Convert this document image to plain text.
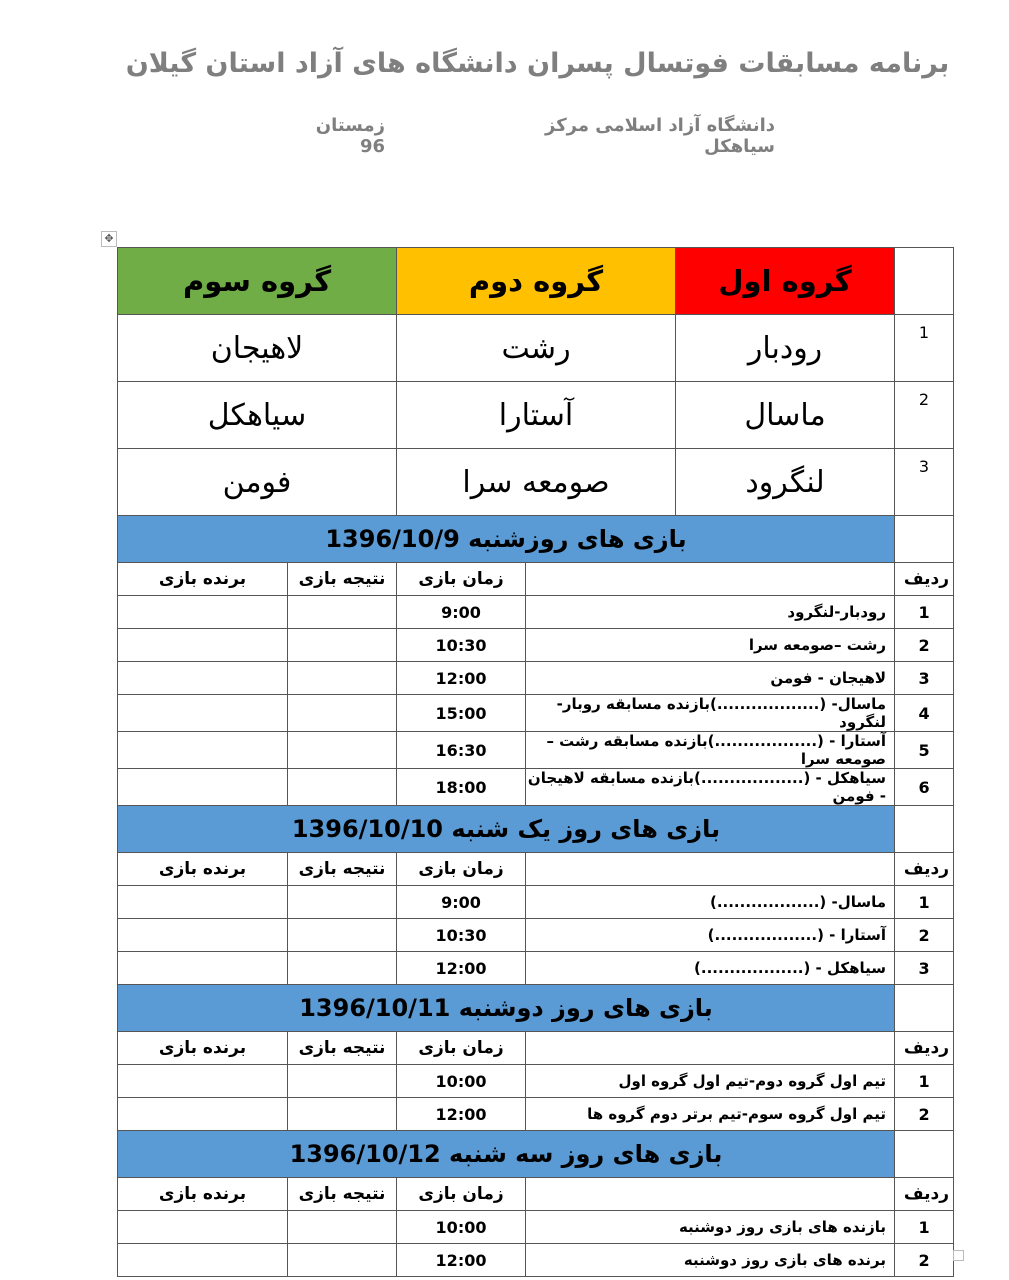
برنامه مسابقات فوتسال پسران دانشگاه های آزاد استان گیلان
دانشگاه آزاد اسلامی مرکز سیاهکل
زمستان 96
✥
	گروه اول	گروه دوم		گروه سوم	
1	رودبار	رشت		لاهیجان	
2	ماسال	آستارا		سیاهکل	
3	لنگرود	صومعه سرا		فومن	
	بازی های روزشنبه 1396/10/9				
ردیف			زمان بازی	نتیجه بازی	برنده بازی
1	رودبار-لنگرود		9:00		
2	رشت –صومعه سرا		10:30		
3	لاهیجان - فومن		12:00		
4	ماسال- (..................)بازنده مسابقه روبار-لنگرود		15:00		
5	آستارا - (..................)بازنده مسابقه رشت – صومعه سرا		16:30		
6	سیاهکل - (..................)بازنده مسابقه لاهیجان - فومن		18:00		
	بازی های روز یک شنبه 1396/10/10				
ردیف			زمان بازی	نتیجه بازی	برنده بازی
1	ماسال- (..................)		9:00		
2	آستارا - (..................)		10:30		
3	سیاهکل - (..................)		12:00		
	بازی های روز دوشنبه 1396/10/11				
ردیف			زمان بازی	نتیجه بازی	برنده بازی
1	تیم اول گروه دوم-تیم اول گروه اول		10:00		
2	تیم اول گروه سوم-تیم برتر دوم گروه ها		12:00		
	بازی های روز سه شنبه 1396/10/12				
ردیف			زمان بازی	نتیجه بازی	برنده بازی
1	بازنده های بازی روز دوشنبه		10:00		
2	برنده های بازی روز دوشنبه		12:00		
